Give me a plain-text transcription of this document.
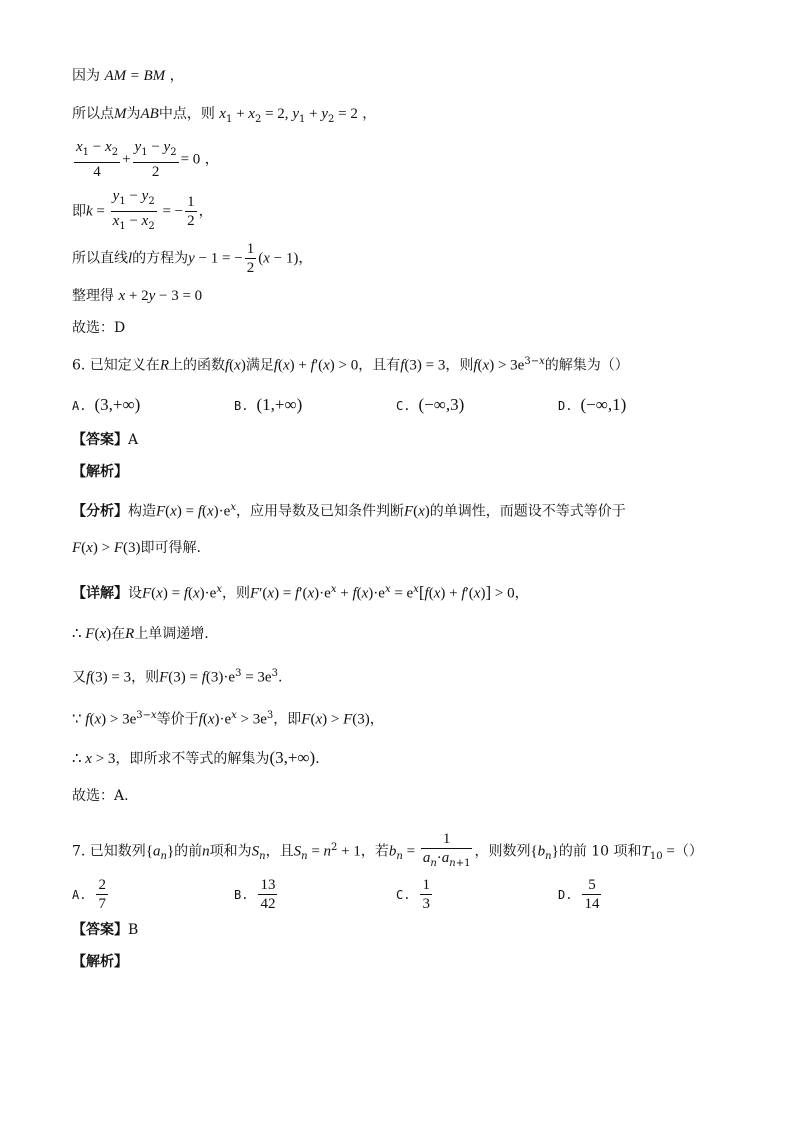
因为 AM = BM ，
所以点M为AB中点，则 $x_1 + x_2 = 2$, $y_1 + y_2 = 2$ ，
$\frac{x_1 - x_2}{4} + \frac{y_1 - y_2}{2} = 0$ ，
即$k = \frac{y_1 - y_2}{x_1 - x_2}$ = − $\frac{1}{2}$ ，
所以直线l的方程为y − 1 = − $\frac{1}{2} (x - 1)$，
整理得 x + 2y − 3 = 0
故选：D
6. 已知定义在R上的函数f(x)满足f(x) + f′(x) > 0，且有f(3) = 3，则$f(x) > 3e^{3-x}$的解集为（）
A. (3,+∞)	B. (1,+∞)	C. (−∞,3)	D. (−∞,1)
【答案】A
【解析】
【分析】构造$F(x) = f(x)\cdot e^x$，应用导数及已知条件判断F(x)的单调性，而题设不等式等价于
F(x) > F(3)即可得解.
【详解】设$F(x) = f(x)\cdot e^x$，则$F'(x) = f'(x)\cdot e^x + f(x)\cdot e^x = e^x[f(x) + f'(x)] > 0$，
∴ F(x)在R上单调递增.
又f(3) = 3，则$F(3) = f(3)\cdot e^3 = 3e^3$.
∵ $f(x) > 3e^{3-x}$等价于$f(x)\cdot e^x > 3e^3$，即F(x) > F(3)，
∴ x > 3，即所求不等式的解集为(3,+∞).
故选：A.
7. 已知数列$\{a_n\}$的前n项和为$S_n$，且$S_n = n^2 + 1$，若$b_n = \frac{1}{a_n\cdot a_{n+1}}$ ，则数列$\{b_n\}$的前 10 项和$T_{10}$ =（）
A. $\frac{2}{7}$	B. $\frac{13}{42}$	C. $\frac{1}{3}$	D. $\frac{5}{14}$
【答案】B
【解析】
